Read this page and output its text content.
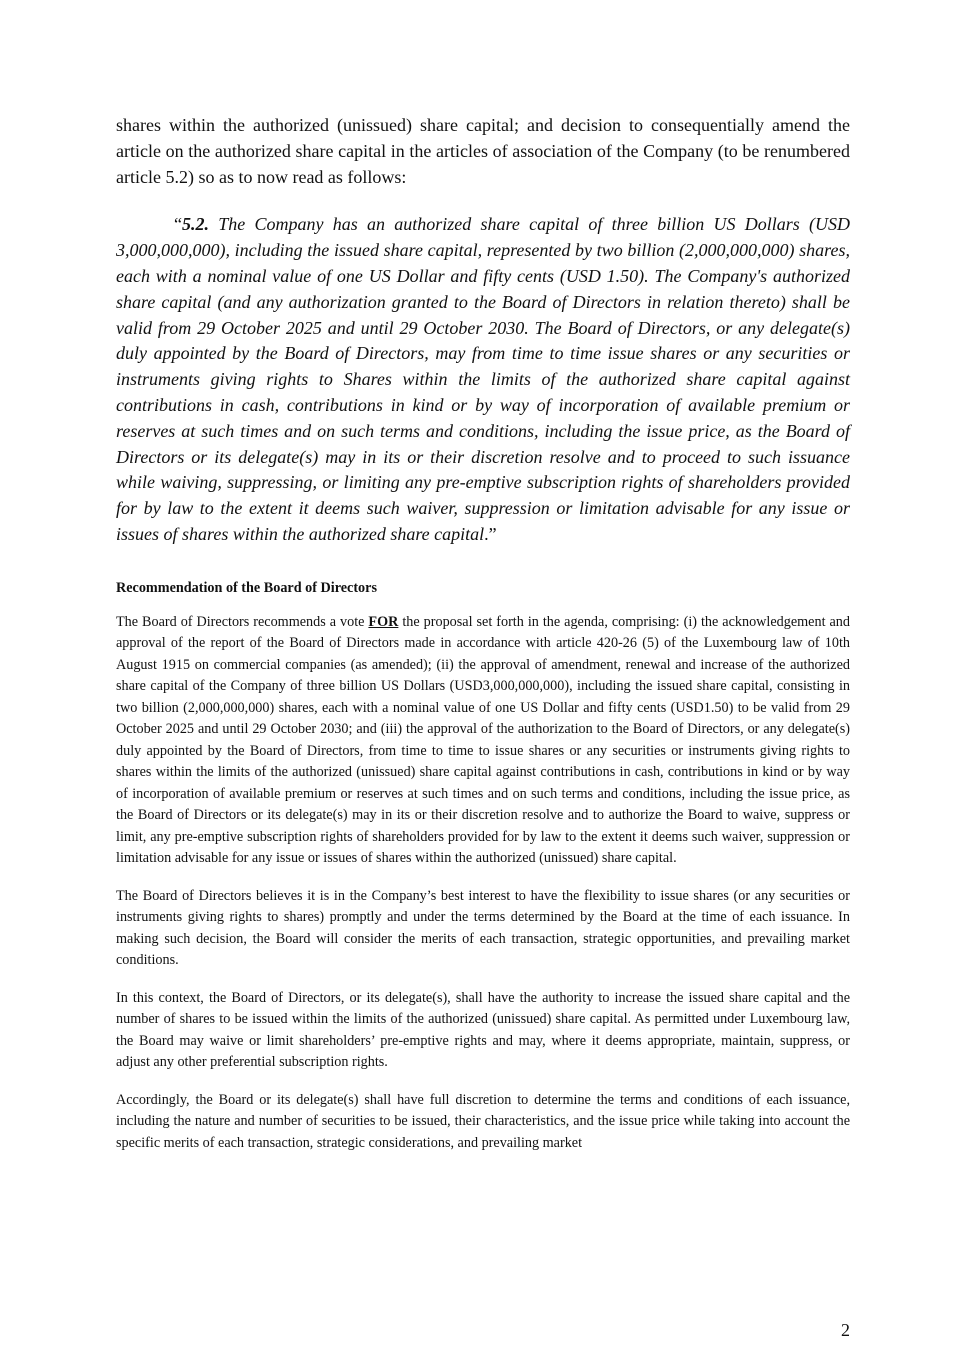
shares within the authorized (unissued) share capital; and decision to consequentially amend the article on the authorized share capital in the articles of association of the Company (to be renumbered article 5.2) so as to now read as follows:

“5.2. The Company has an authorized share capital of three billion US Dollars (USD 3,000,000,000), including the issued share capital, represented by two billion (2,000,000,000) shares, each with a nominal value of one US Dollar and fifty cents (USD 1.50). The Company's authorized share capital (and any authorization granted to the Board of Directors in relation thereto) shall be valid from 29 October 2025 and until 29 October 2030. The Board of Directors, or any delegate(s) duly appointed by the Board of Directors, may from time to time issue shares or any securities or instruments giving rights to Shares within the limits of the authorized share capital against contributions in cash, contributions in kind or by way of incorporation of available premium or reserves at such times and on such terms and conditions, including the issue price, as the Board of Directors or its delegate(s) may in its or their discretion resolve and to proceed to such issuance while waiving, suppressing, or limiting any pre-emptive subscription rights of shareholders provided for by law to the extent it deems such waiver, suppression or limitation advisable for any issue or issues of shares within the authorized share capital.”

Recommendation of the Board of Directors

The Board of Directors recommends a vote FOR the proposal set forth in the agenda, comprising: (i) the acknowledgement and approval of the report of the Board of Directors made in accordance with article 420-26 (5) of the Luxembourg law of 10th August 1915 on commercial companies (as amended); (ii) the approval of amendment, renewal and increase of the authorized share capital of the Company of three billion US Dollars (USD3,000,000,000), including the issued share capital, consisting in two billion (2,000,000,000) shares, each with a nominal value of one US Dollar and fifty cents (USD1.50) to be valid from 29 October 2025 and until 29 October 2030; and (iii) the approval of the authorization to the Board of Directors, or any delegate(s) duly appointed by the Board of Directors, from time to time to issue shares or any securities or instruments giving rights to shares within the limits of the authorized (unissued) share capital against contributions in cash, contributions in kind or by way of incorporation of available premium or reserves at such times and on such terms and conditions, including the issue price, as the Board of Directors or its delegate(s) may in its or their discretion resolve and to authorize the Board to waive, suppress or limit, any pre-emptive subscription rights of shareholders provided for by law to the extent it deems such waiver, suppression or limitation advisable for any issue or issues of shares within the authorized (unissued) share capital.

The Board of Directors believes it is in the Company’s best interest to have the flexibility to issue shares (or any securities or instruments giving rights to shares) promptly and under the terms determined by the Board at the time of each issuance. In making such decision, the Board will consider the merits of each transaction, strategic opportunities, and prevailing market conditions.

In this context, the Board of Directors, or its delegate(s), shall have the authority to increase the issued share capital and the number of shares to be issued within the limits of the authorized (unissued) share capital. As permitted under Luxembourg law, the Board may waive or limit shareholders’ pre-emptive rights and may, where it deems appropriate, maintain, suppress, or adjust any other preferential subscription rights.

Accordingly, the Board or its delegate(s) shall have full discretion to determine the terms and conditions of each issuance, including the nature and number of securities to be issued, their characteristics, and the issue price while taking into account the specific merits of each transaction, strategic considerations, and prevailing market

2
